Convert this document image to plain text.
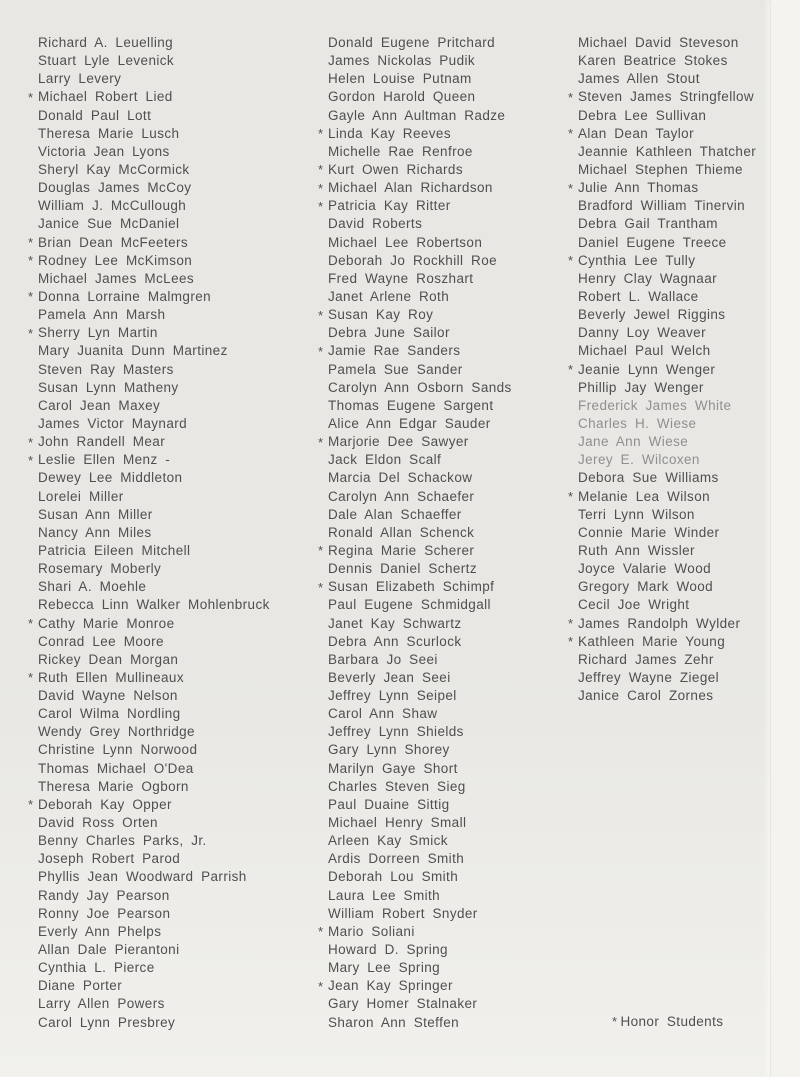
Richard A. Leuelling
Stuart Lyle Levenick
Larry Levery
* Michael Robert Lied
Donald Paul Lott
Theresa Marie Lusch
Victoria Jean Lyons
Sheryl Kay McCormick
Douglas James McCoy
William J. McCullough
Janice Sue McDaniel
* Brian Dean McFeeters
* Rodney Lee McKimson
Michael James McLees
* Donna Lorraine Malmgren
Pamela Ann Marsh
* Sherry Lyn Martin
Mary Juanita Dunn Martinez
Steven Ray Masters
Susan Lynn Matheny
Carol Jean Maxey
James Victor Maynard
* John Randell Mear
* Leslie Ellen Menz -
Dewey Lee Middleton
Lorelei Miller
Susan Ann Miller
Nancy Ann Miles
Patricia Eileen Mitchell
Rosemary Moberly
Shari A. Moehle
Rebecca Linn Walker Mohlenbruck
* Cathy Marie Monroe
Conrad Lee Moore
Rickey Dean Morgan
* Ruth Ellen Mullineaux
David Wayne Nelson
Carol Wilma Nordling
Wendy Grey Northridge
Christine Lynn Norwood
Thomas Michael O'Dea
Theresa Marie Ogborn
* Deborah Kay Opper
David Ross Orten
Benny Charles Parks, Jr.
Joseph Robert Parod
Phyllis Jean Woodward Parrish
Randy Jay Pearson
Ronny Joe Pearson
Everly Ann Phelps
Allan Dale Pierantoni
Cynthia L. Pierce
Diane Porter
Larry Allen Powers
Carol Lynn Presbrey
Donald Eugene Pritchard
James Nickolas Pudik
Helen Louise Putnam
Gordon Harold Queen
Gayle Ann Aultman Radze
* Linda Kay Reeves
Michelle Rae Renfroe
* Kurt Owen Richards
* Michael Alan Richardson
* Patricia Kay Ritter
David Roberts
Michael Lee Robertson
Deborah Jo Rockhill Roe
Fred Wayne Roszhart
Janet Arlene Roth
* Susan Kay Roy
Debra June Sailor
* Jamie Rae Sanders
Pamela Sue Sander
Carolyn Ann Osborn Sands
Thomas Eugene Sargent
Alice Ann Edgar Sauder
* Marjorie Dee Sawyer
Jack Eldon Scalf
Marcia Del Schackow
Carolyn Ann Schaefer
Dale Alan Schaeffer
Ronald Allan Schenck
* Regina Marie Scherer
Dennis Daniel Schertz
* Susan Elizabeth Schimpf
Paul Eugene Schmidgall
Janet Kay Schwartz
Debra Ann Scurlock
Barbara Jo Seei
Beverly Jean Seei
Jeffrey Lynn Seipel
Carol Ann Shaw
Jeffrey Lynn Shields
Gary Lynn Shorey
Marilyn Gaye Short
Charles Steven Sieg
Paul Duaine Sittig
Michael Henry Small
Arleen Kay Smick
Ardis Dorreen Smith
Deborah Lou Smith
Laura Lee Smith
William Robert Snyder
* Mario Soliani
Howard D. Spring
Mary Lee Spring
* Jean Kay Springer
Gary Homer Stalnaker
Sharon Ann Steffen
Michael David Steveson
Karen Beatrice Stokes
James Allen Stout
* Steven James Stringfellow
Debra Lee Sullivan
* Alan Dean Taylor
Jeannie Kathleen Thatcher
Michael Stephen Thieme
* Julie Ann Thomas
Bradford William Tinervin
Debra Gail Trantham
Daniel Eugene Treece
* Cynthia Lee Tully
Henry Clay Wagnaar
Robert L. Wallace
Beverly Jewel Riggins
Danny Loy Weaver
Michael Paul Welch
* Jeanie Lynn Wenger
Phillip Jay Wenger
Frederick James White
Charles H. Wiese
Jane Ann Wiese
Jerey E. Wilcoxen
Debora Sue Williams
* Melanie Lea Wilson
Terri Lynn Wilson
Connie Marie Winder
Ruth Ann Wissler
Joyce Valarie Wood
Gregory Mark Wood
Cecil Joe Wright
* James Randolph Wylder
* Kathleen Marie Young
Richard James Zehr
Jeffrey Wayne Ziegel
Janice Carol Zornes
* Honor Students
